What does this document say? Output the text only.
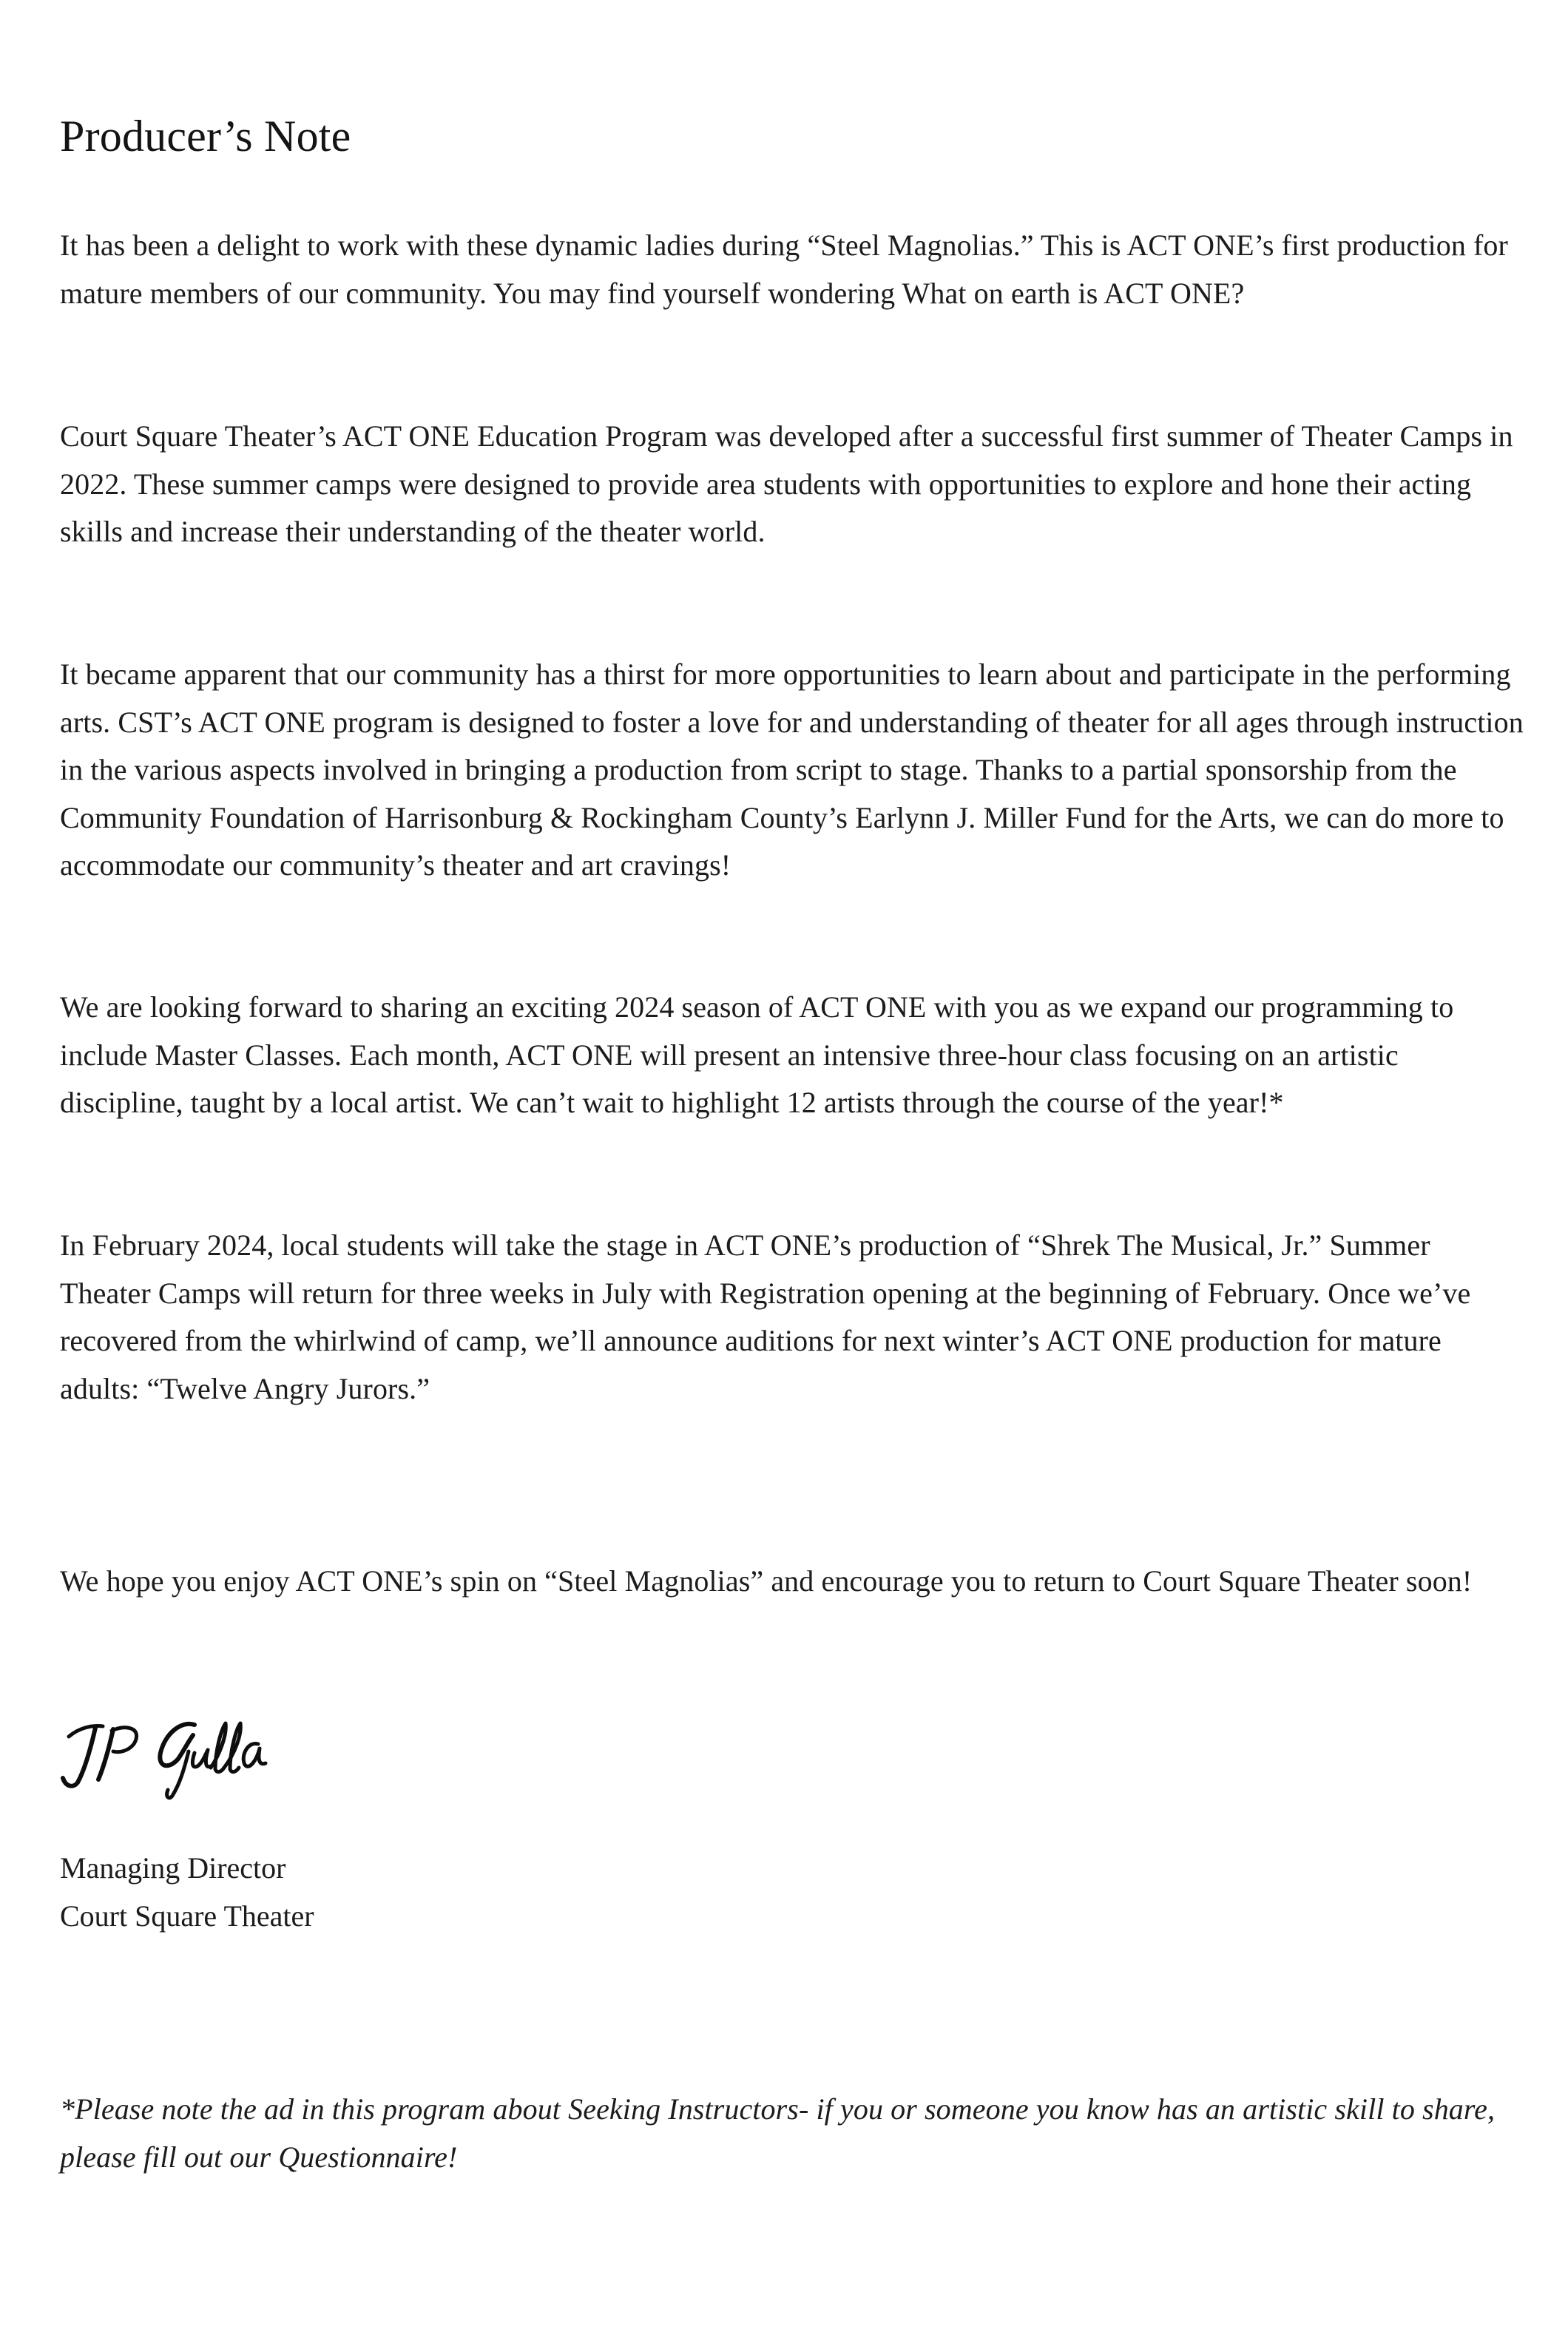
Producer’s Note

It has been a delight to work with these dynamic ladies during “Steel Magnolias.” This is ACT ONE’s first production for mature members of our community. You may find yourself wondering What on earth is ACT ONE?

Court Square Theater’s ACT ONE Education Program was developed after a successful first summer of Theater Camps in 2022. These summer camps were designed to provide area students with opportunities to explore and hone their acting skills and increase their understanding of the theater world.

It became apparent that our community has a thirst for more opportunities to learn about and participate in the performing arts. CST’s ACT ONE program is designed to foster a love for and understanding of theater for all ages through instruction in the various aspects involved in bringing a production from script to stage. Thanks to a partial sponsorship from the Community Foundation of Harrisonburg & Rockingham County’s Earlynn J. Miller Fund for the Arts, we can do more to accommodate our community’s theater and art cravings!

We are looking forward to sharing an exciting 2024 season of ACT ONE with you as we expand our programming to include Master Classes. Each month, ACT ONE will present an intensive three-hour class focusing on an artistic discipline, taught by a local artist. We can’t wait to highlight 12 artists through the course of the year!*

In February 2024, local students will take the stage in ACT ONE’s production of “Shrek The Musical, Jr.” Summer Theater Camps will return for three weeks in July with Registration opening at the beginning of February. Once we’ve recovered from the whirlwind of camp, we’ll announce auditions for next winter’s ACT ONE production for mature adults: “Twelve Angry Jurors.”

We hope you enjoy ACT ONE’s spin on “Steel Magnolias” and encourage you to return to Court Square Theater soon!

Managing Director
Court Square Theater

*Please note the ad in this program about Seeking Instructors- if you or someone you know has an artistic skill to share, please fill out our Questionnaire!
